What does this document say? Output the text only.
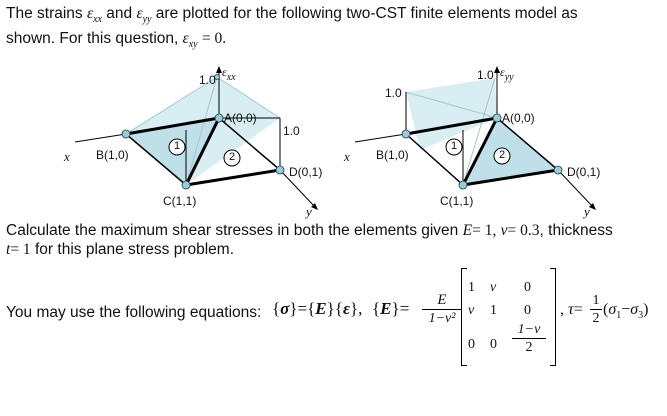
The strains $\varepsilon_{xx}$ and $\varepsilon_{yy}$ are plotted for the following two-CST finite elements model as
shown. For this question, $\varepsilon_{xy} = 0$.
x B(1,0)
C(1,1)
A(0,0)
D(0,1)
1.0
1.0
$\varepsilon_{xx}$
y
1
2	x B(1,0)
C(1,1)
A(0,0)
D(0,1)
1.0
1.0 $\varepsilon_{yy}$
y
1
2
Calculate the maximum shear stresses in both the elements given E= 1, ν= 0.3, thickness
t= 1 for this plane stress problem.
You may use the following equations: {σ}={E}{ε}, {E}=	E
1−ν²
1 ν 0
ν 1 0
0 0
1−ν
2
, τ=
1
2
$(\sigma_1-\sigma_3)$
